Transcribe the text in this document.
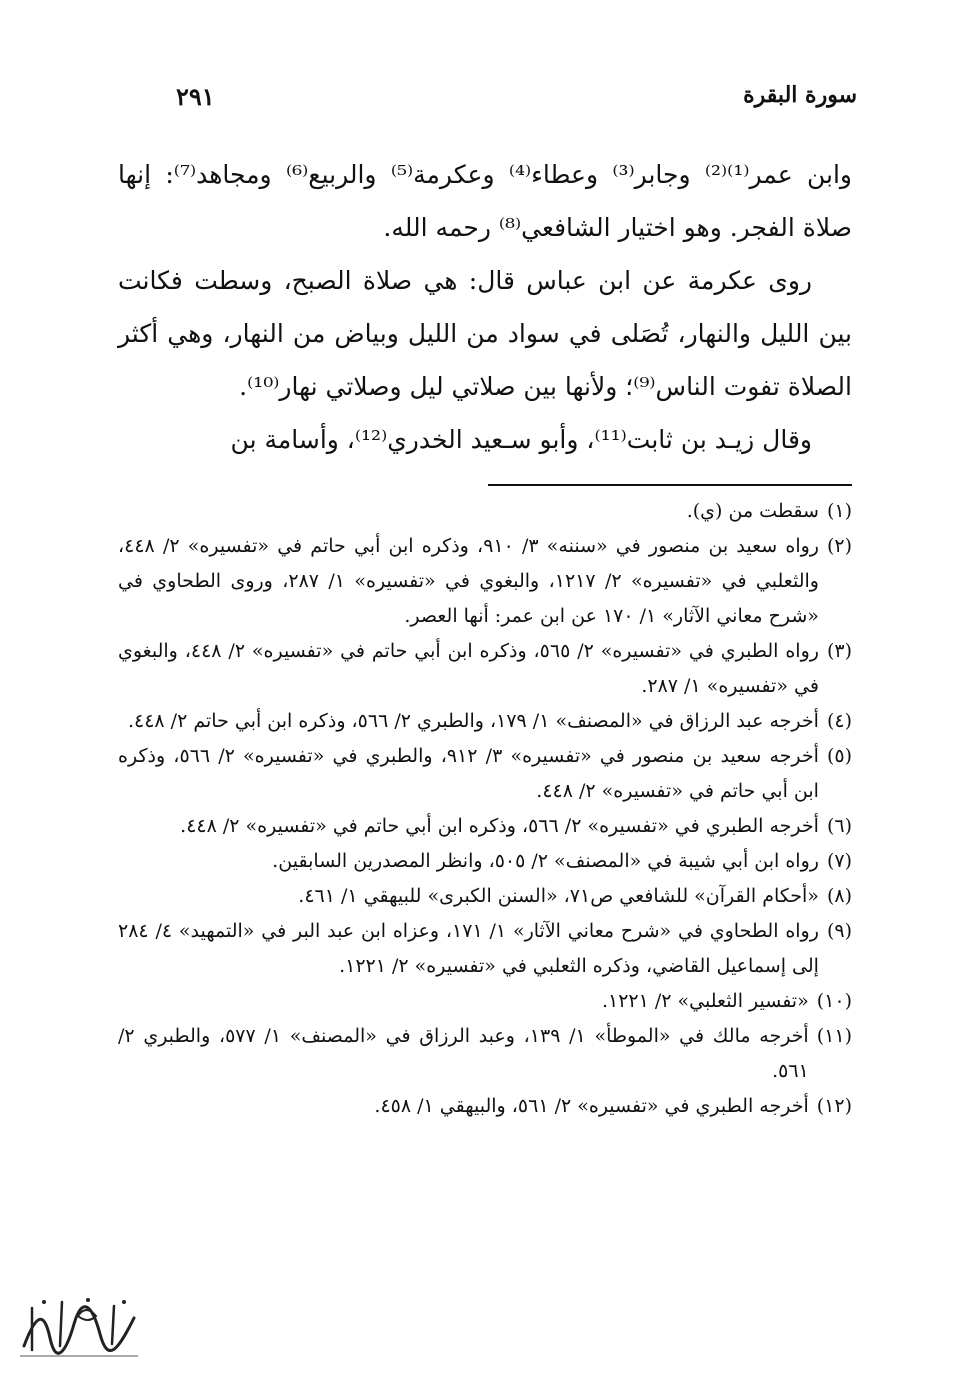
سورة البقرة
٢٩١

وابن عمر⁽¹⁾⁽²⁾ وجابر⁽³⁾ وعطاء⁽⁴⁾ وعكرمة⁽⁵⁾ والربيع⁽⁶⁾ ومجاهد⁽⁷⁾: إنها صلاة الفجر. وهو اختيار الشافعي⁽⁸⁾ رحمه الله.

روى عكرمة عن ابن عباس قال: هي صلاة الصبح، وسطت فكانت بين الليل والنهار، تُصَلى في سواد من الليل وبياض من النهار، وهي أكثر الصلاة تفوت الناس⁽⁹⁾؛ ولأنها بين صلاتي ليل وصلاتي نهار⁽¹⁰⁾.

وقال زيـد بن ثابت⁽¹¹⁾، وأبو سـعيد الخدري⁽¹²⁾، وأسامة بن

(١)
سقطت من (ي).
(٢)
رواه سعيد بن منصور في «سننه» ٣/ ٩١٠، وذكره ابن أبي حاتم في «تفسيره» ٢/ ٤٤٨، والثعلبي في «تفسيره» ٢/ ١٢١٧، والبغوي في «تفسيره» ١/ ٢٨٧، وروى الطحاوي في «شرح معاني الآثار» ١/ ١٧٠ عن ابن عمر: أنها العصر.
(٣)
رواه الطبري في «تفسيره» ٢/ ٥٦٥، وذكره ابن أبي حاتم في «تفسيره» ٢/ ٤٤٨، والبغوي في «تفسيره» ١/ ٢٨٧.
(٤)
أخرجه عبد الرزاق في «المصنف» ١/ ١٧٩، والطبري ٢/ ٥٦٦، وذكره ابن أبي حاتم ٢/ ٤٤٨.
(٥)
أخرجه سعيد بن منصور في «تفسيره» ٣/ ٩١٢، والطبري في «تفسيره» ٢/ ٥٦٦، وذكره ابن أبي حاتم في «تفسيره» ٢/ ٤٤٨.
(٦)
أخرجه الطبري في «تفسيره» ٢/ ٥٦٦، وذكره ابن أبي حاتم في «تفسيره» ٢/ ٤٤٨.
(٧)
رواه ابن أبي شيبة في «المصنف» ٢/ ٥٠٥، وانظر المصدرين السابقين.
(٨)
«أحكام القرآن» للشافعي ص٧١، «السنن الكبرى» للبيهقي ١/ ٤٦١.
(٩)
رواه الطحاوي في «شرح معاني الآثار» ١/ ١٧١، وعزاه ابن عبد البر في «التمهيد» ٤/ ٢٨٤ إلى إسماعيل القاضي، وذكره الثعلبي في «تفسيره» ٢/ ١٢٢١.
(١٠)
«تفسير الثعلبي» ٢/ ١٢٢١.
(١١)
أخرجه مالك في «الموطأ» ١/ ١٣٩، وعبد الرزاق في «المصنف» ١/ ٥٧٧، والطبري ٢/ ٥٦١.
(١٢)
أخرجه الطبري في «تفسيره» ٢/ ٥٦١، والبيهقي ١/ ٤٥٨.
